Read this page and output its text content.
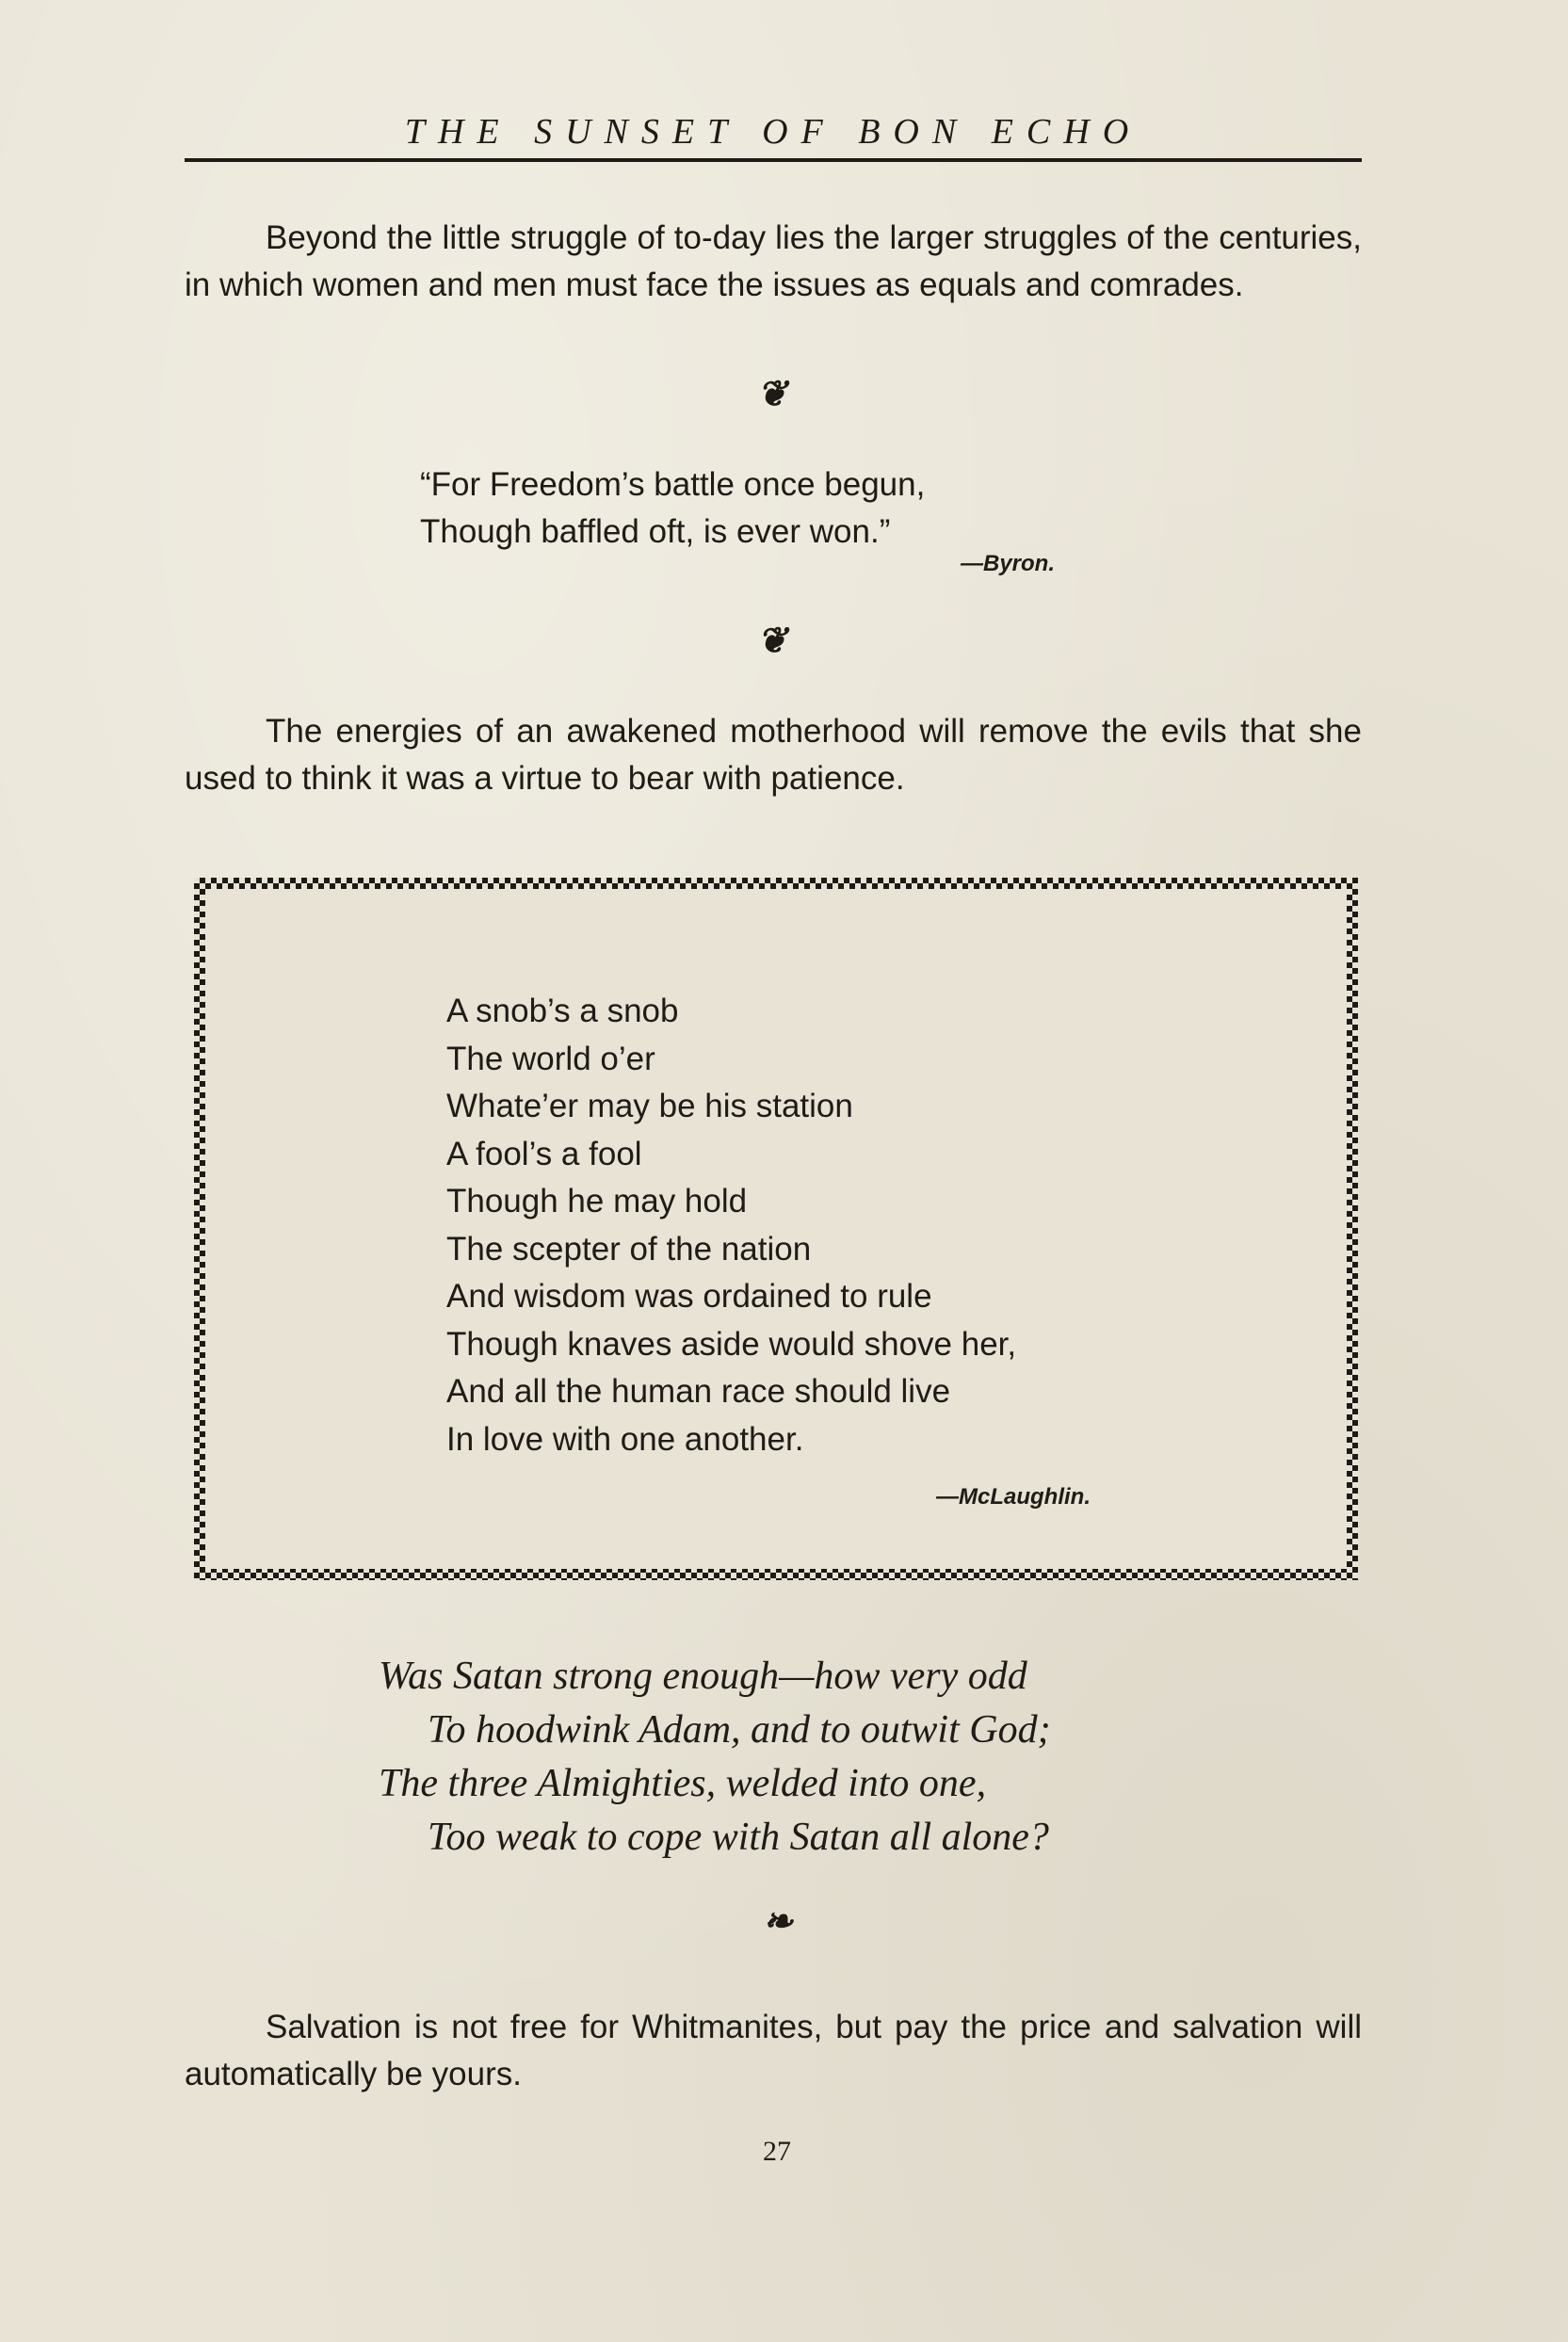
THE SUNSET OF BON ECHO
Beyond the little struggle of to-day lies the larger struggles of the centuries, in which women and men must face the issues as equals and comrades.
❦
“For Freedom’s battle once begun,
Though baffled oft, is ever won.”
—Byron.
❦
The energies of an awakened motherhood will remove the evils that she used to think it was a virtue to bear with patience.
A snob’s a snob
The world o’er
Whate’er may be his station
A fool’s a fool
Though he may hold
The scepter of the nation
And wisdom was ordained to rule
Though knaves aside would shove her,
And all the human race should live
In love with one another.
—McLaughlin.
Was Satan strong enough—how very odd
To hoodwink Adam, and to outwit God;
The three Almighties, welded into one,
Too weak to cope with Satan all alone?
❧
Salvation is not free for Whitmanites, but pay the price and salvation will automatically be yours.
27
